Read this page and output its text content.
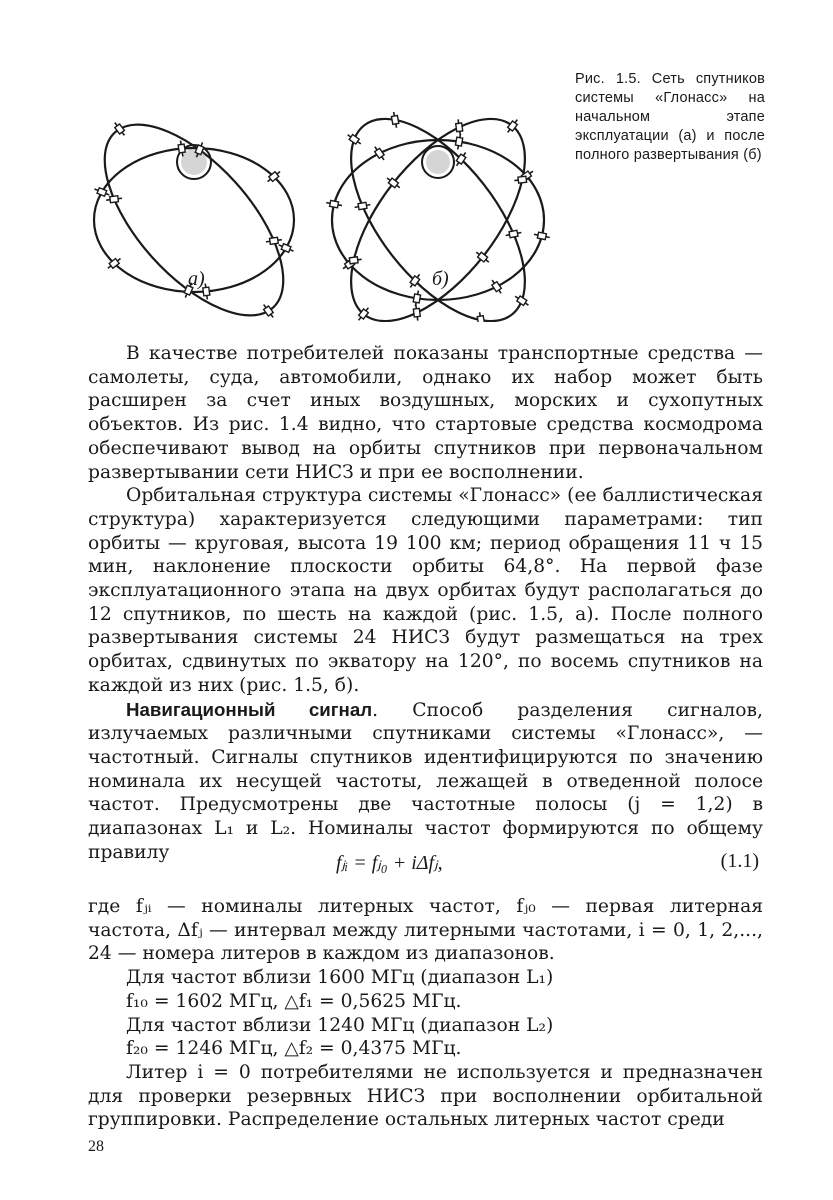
а)	б)
Рис. 1.5. Сеть спутников системы «Глонасс» на начальном этапе эксплуатации (а) и после полного развертывания (б)

В качестве потребителей показаны транспортные средства — самолеты, суда, автомобили, однако их набор может быть расширен за счет иных воздушных, морских и сухопутных объектов. Из рис. 1.4 видно, что стартовые средства космодрома обеспечивают вывод на орбиты спутников при первоначальном развертывании сети НИСЗ и при ее восполнении.

Орбитальная структура системы «Глонасс» (ее баллистическая структура) характеризуется следующими параметрами: тип орбиты — круговая, высота 19 100 км; период обращения 11 ч 15 мин, наклонение плоскости орбиты 64,8°. На первой фазе эксплуатационного этапа на двух орбитах будут располагаться до 12 спутников, по шесть на каждой (рис. 1.5, а). После полного развертывания системы 24 НИСЗ будут размещаться на трех орбитах, сдвинутых по экватору на 120°, по восемь спутников на каждой из них (рис. 1.5, б).

Навигационный сигнал. Способ разделения сигналов, излучаемых различными спутниками системы «Глонасс», — частотный. Сигналы спутников идентифицируются по значению номинала их несущей частоты, лежащей в отведенной полосе частот. Предусмотрены две частотные полосы (j = 1,2) в диапазонах L₁ и L₂. Номиналы частот формируются по общему правилу	fⱼᵢ = fⱼ₀ + iΔfⱼ,	(1.1)

где fⱼᵢ — номиналы литерных частот, fⱼ₀ — первая литерная частота, Δfⱼ — интервал между литерными частотами, i = 0, 1, 2,..., 24 — номера литеров в каждом из диапазонов.

Для частот вблизи 1600 МГц (диапазон L₁)

f₁₀ = 1602 МГц, △f₁ = 0,5625 МГц.

Для частот вблизи 1240 МГц (диапазон L₂)

f₂₀ = 1246 МГц, △f₂ = 0,4375 МГц.

Литер i = 0 потребителями не используется и предназначен для проверки резервных НИСЗ при восполнении орбитальной группировки. Распределение остальных литерных частот среди

28
